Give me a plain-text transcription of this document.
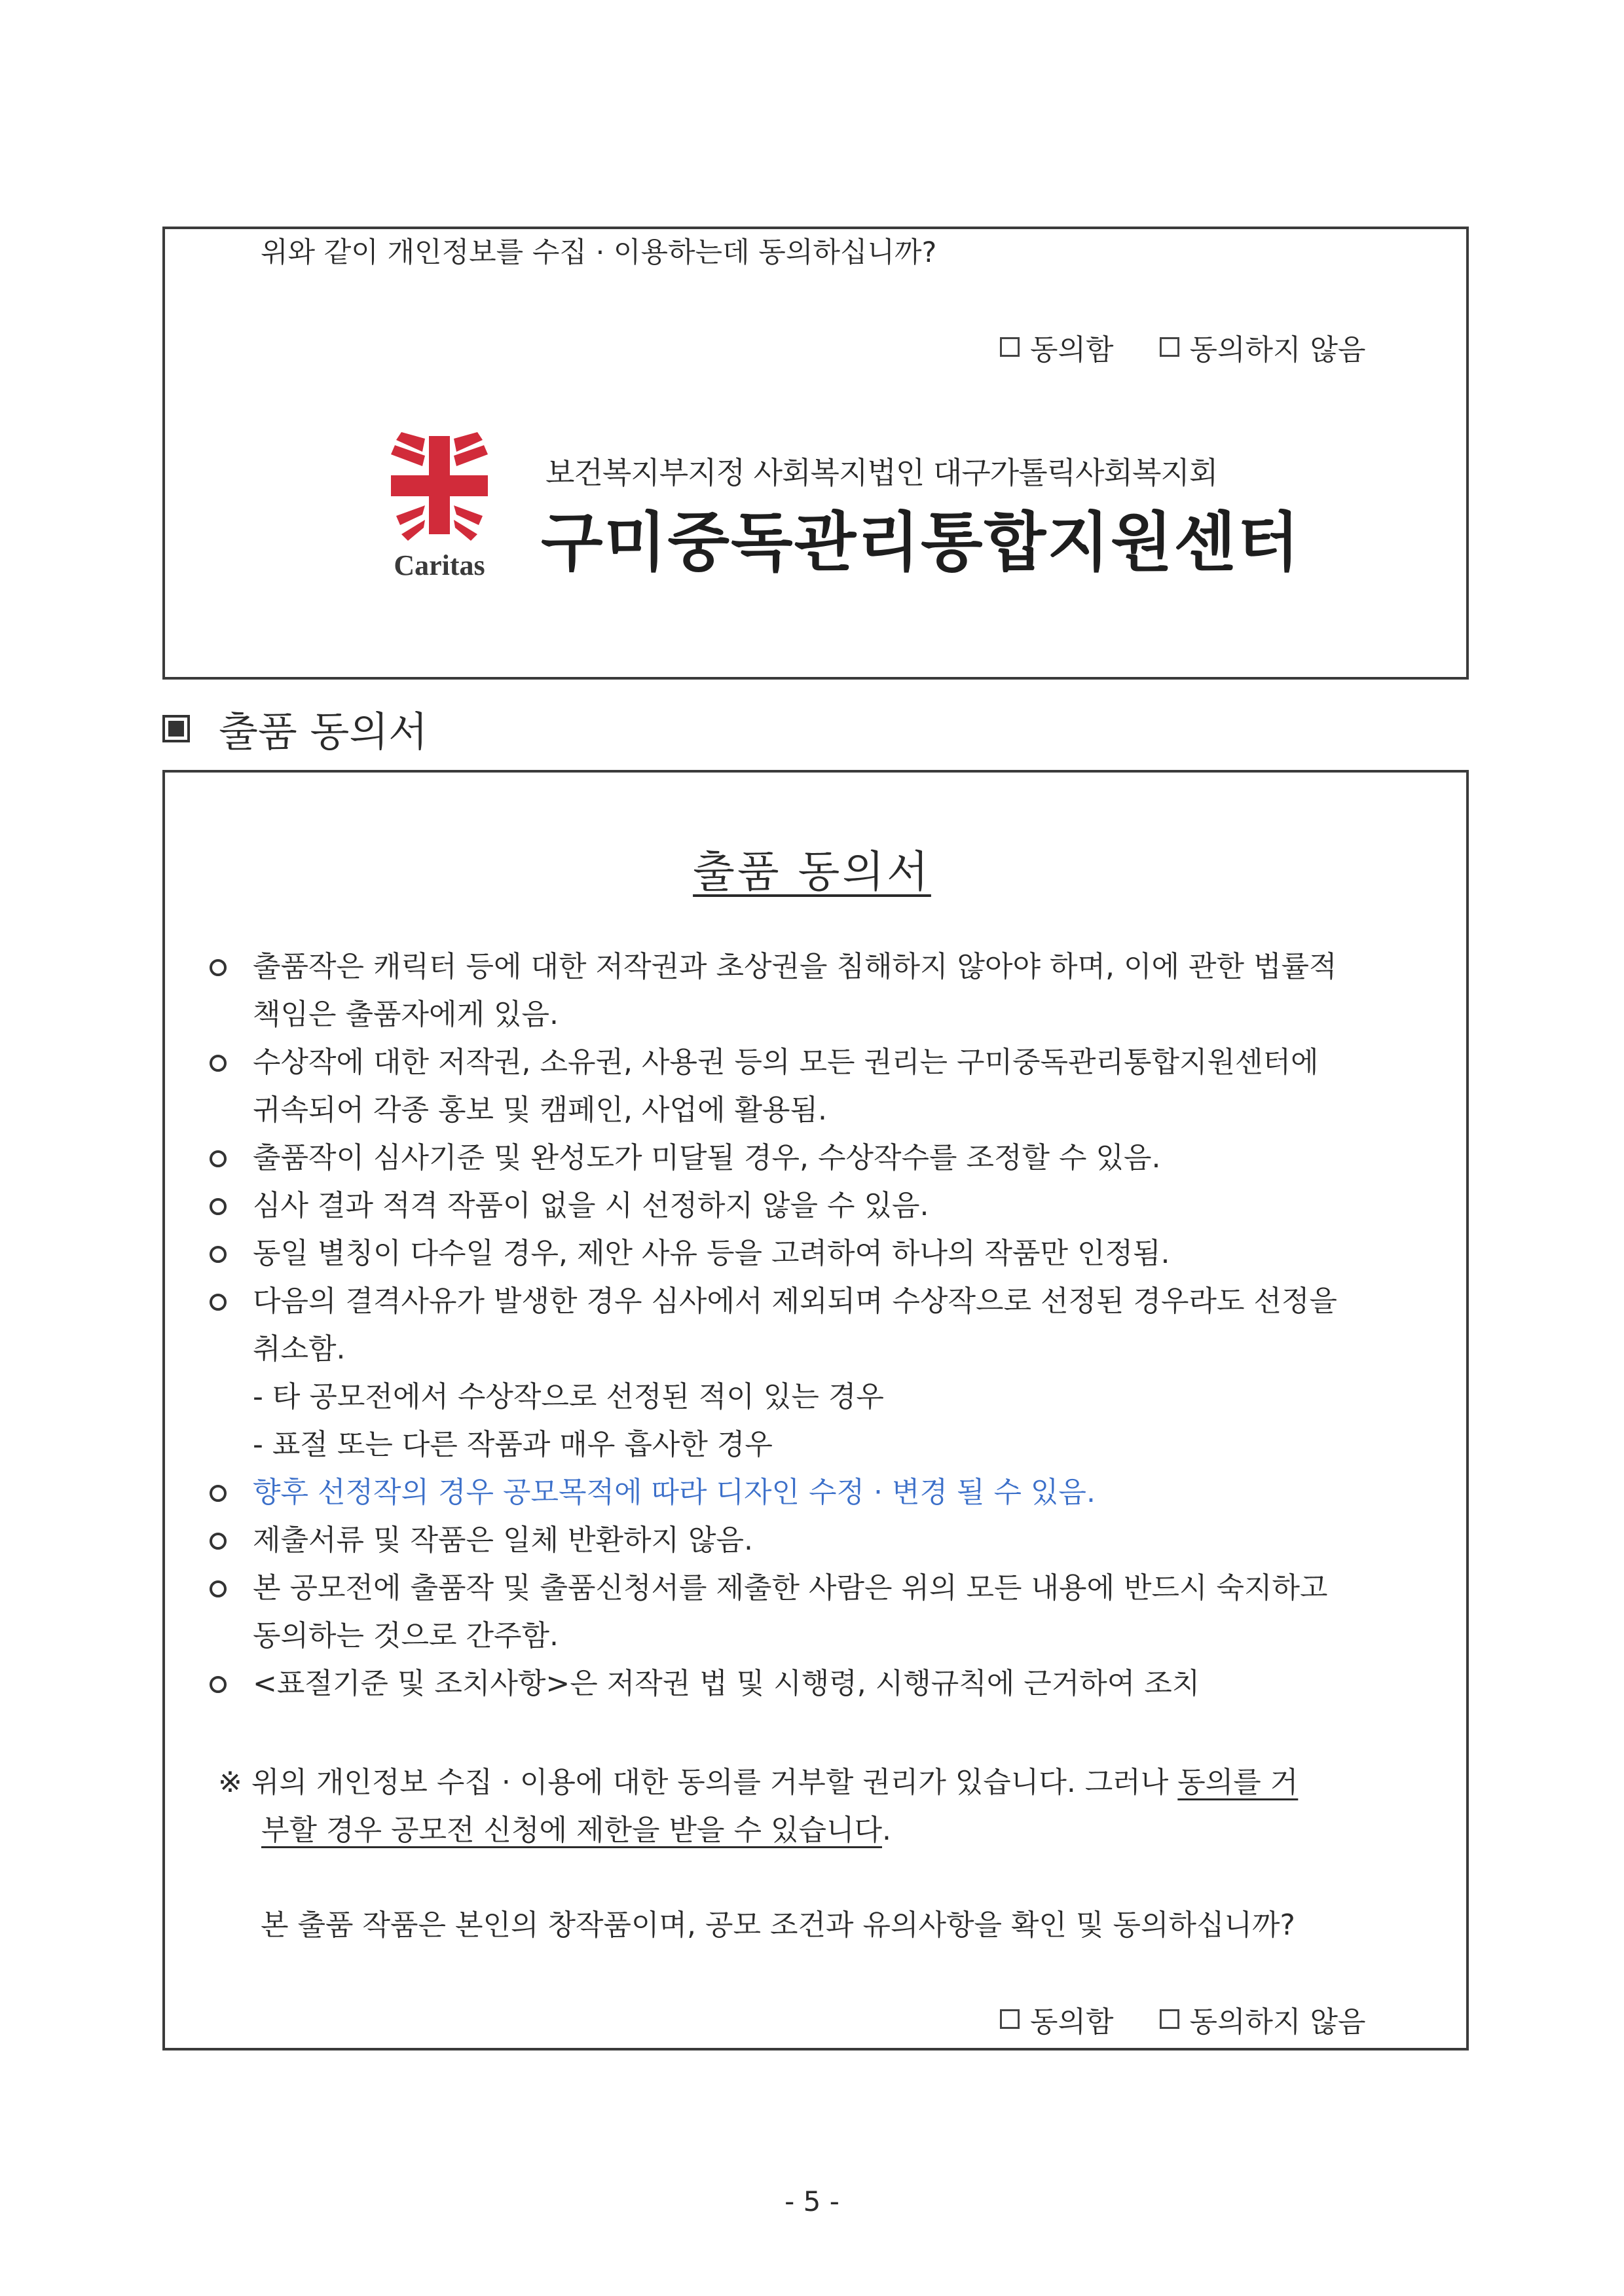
위와 같이 개인정보를 수집 · 이용하는데 동의하십니까?
동의함	동의하지 않음
Caritas
보건복지부지정 사회복지법인 대구가톨릭사회복지회
구미중독관리통합지원센터
출품 동의서
출품 동의서
출품작은 캐릭터 등에 대한 저작권과 초상권을 침해하지 않아야 하며, 이에 관한 법률적
책임은 출품자에게 있음.
수상작에 대한 저작권, 소유권, 사용권 등의 모든 권리는 구미중독관리통합지원센터에
귀속되어 각종 홍보 및 캠페인, 사업에 활용됨.
출품작이 심사기준 및 완성도가 미달될 경우, 수상작수를 조정할 수 있음.
심사 결과 적격 작품이 없을 시 선정하지 않을 수 있음.
동일 별칭이 다수일 경우, 제안 사유 등을 고려하여 하나의 작품만 인정됨.
다음의 결격사유가 발생한 경우 심사에서 제외되며 수상작으로 선정된 경우라도 선정을
취소함.
- 타 공모전에서 수상작으로 선정된 적이 있는 경우
- 표절 또는 다른 작품과 매우 흡사한 경우
향후 선정작의 경우 공모목적에 따라 디자인 수정 · 변경 될 수 있음.
제출서류 및 작품은 일체 반환하지 않음.
본 공모전에 출품작 및 출품신청서를 제출한 사람은 위의 모든 내용에 반드시 숙지하고
동의하는 것으로 간주함.
<표절기준 및 조치사항>은 저작권 법 및 시행령, 시행규칙에 근거하여 조치
※ 위의 개인정보 수집 · 이용에 대한 동의를 거부할 권리가 있습니다. 그러나 동의를 거
부할 경우 공모전 신청에 제한을 받을 수 있습니다.
본 출품 작품은 본인의 창작품이며, 공모 조건과 유의사항을 확인 및 동의하십니까?
동의함	동의하지 않음
- 5 -
